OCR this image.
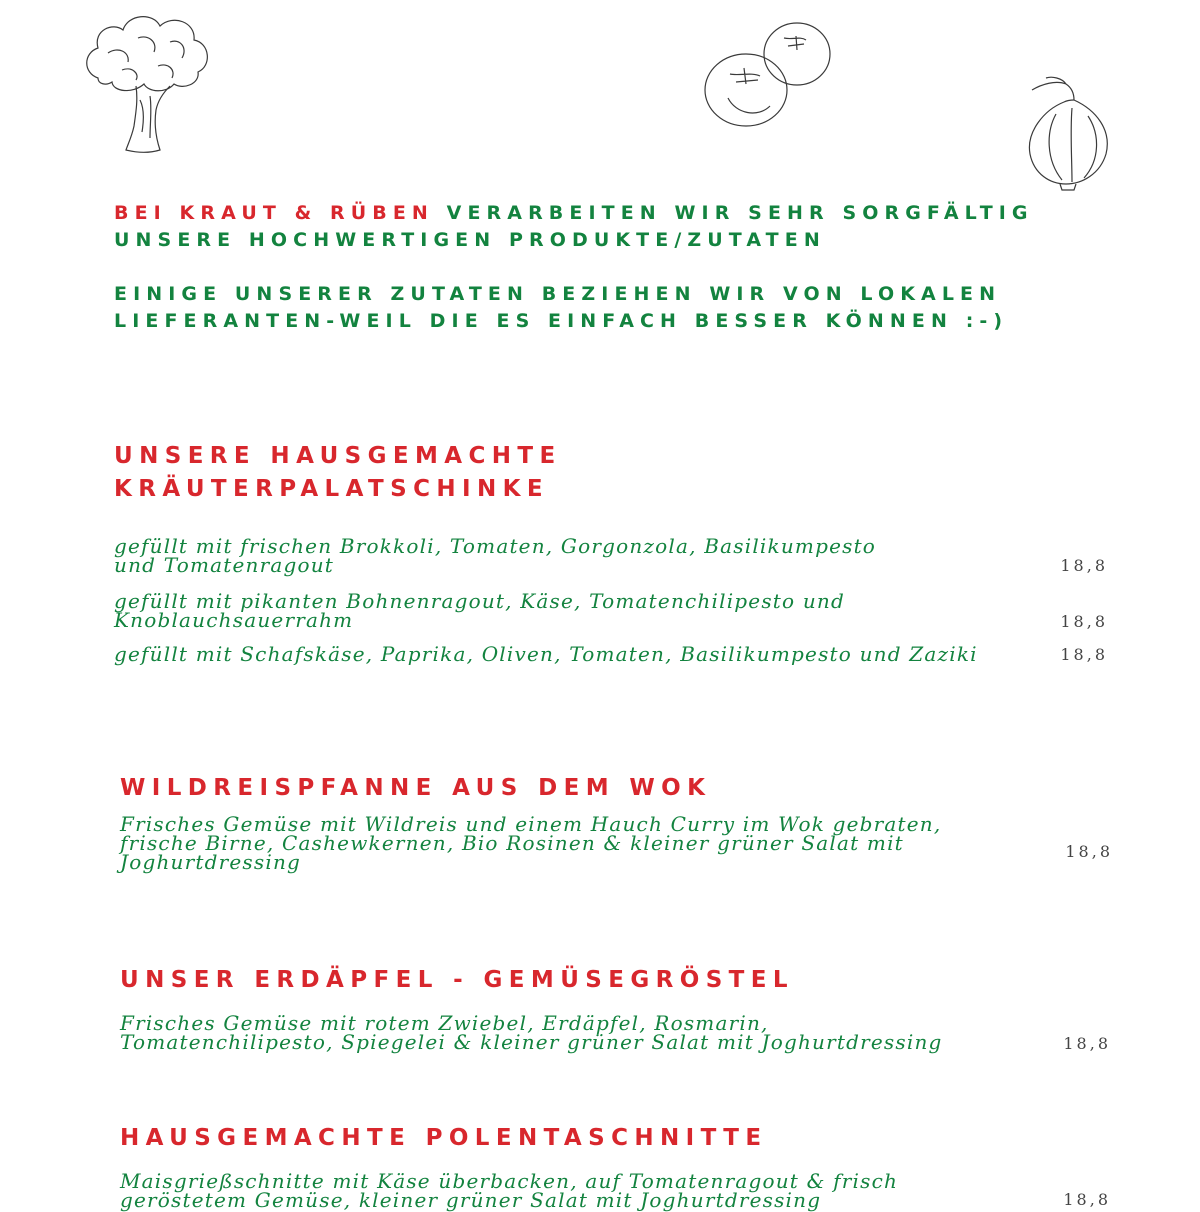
BEI KRAUT & RÜBEN VERARBEITEN WIR SEHR SORGFÄLTIG

UNSERE HOCHWERTIGEN PRODUKTE/ZUTATEN

EINIGE UNSERER ZUTATEN BEZIEHEN WIR VON LOKALEN

LIEFERANTEN-WEIL DIE ES EINFACH BESSER KÖNNEN :-)

UNSERE HAUSGEMACHTE

KRÄUTERPALATSCHINKE

gefüllt mit frischen Brokkoli, Tomaten, Gorgonzola, Basilikumpesto
und Tomatenragout	18,8
gefüllt mit pikanten Bohnenragout, Käse, Tomatenchilipesto und
Knoblauchsauerrahm	18,8
gefüllt mit Schafskäse, Paprika, Oliven, Tomaten, Basilikumpesto und Zaziki	18,8

WILDREISPFANNE AUS DEM WOK

Frisches Gemüse mit Wildreis und einem Hauch Curry im Wok gebraten,
frische Birne, Cashewkernen, Bio Rosinen & kleiner grüner Salat mit
Joghurtdressing	18,8

UNSER ERDÄPFEL - GEMÜSEGRÖSTEL

Frisches Gemüse mit rotem Zwiebel, Erdäpfel, Rosmarin,
Tomatenchilipesto, Spiegelei & kleiner grüner Salat mit Joghurtdressing	18,8

HAUSGEMACHTE POLENTASCHNITTE

Maisgrießschnitte mit Käse überbacken, auf Tomatenragout & frisch
geröstetem Gemüse, kleiner grüner Salat mit Joghurtdressing	18,8
